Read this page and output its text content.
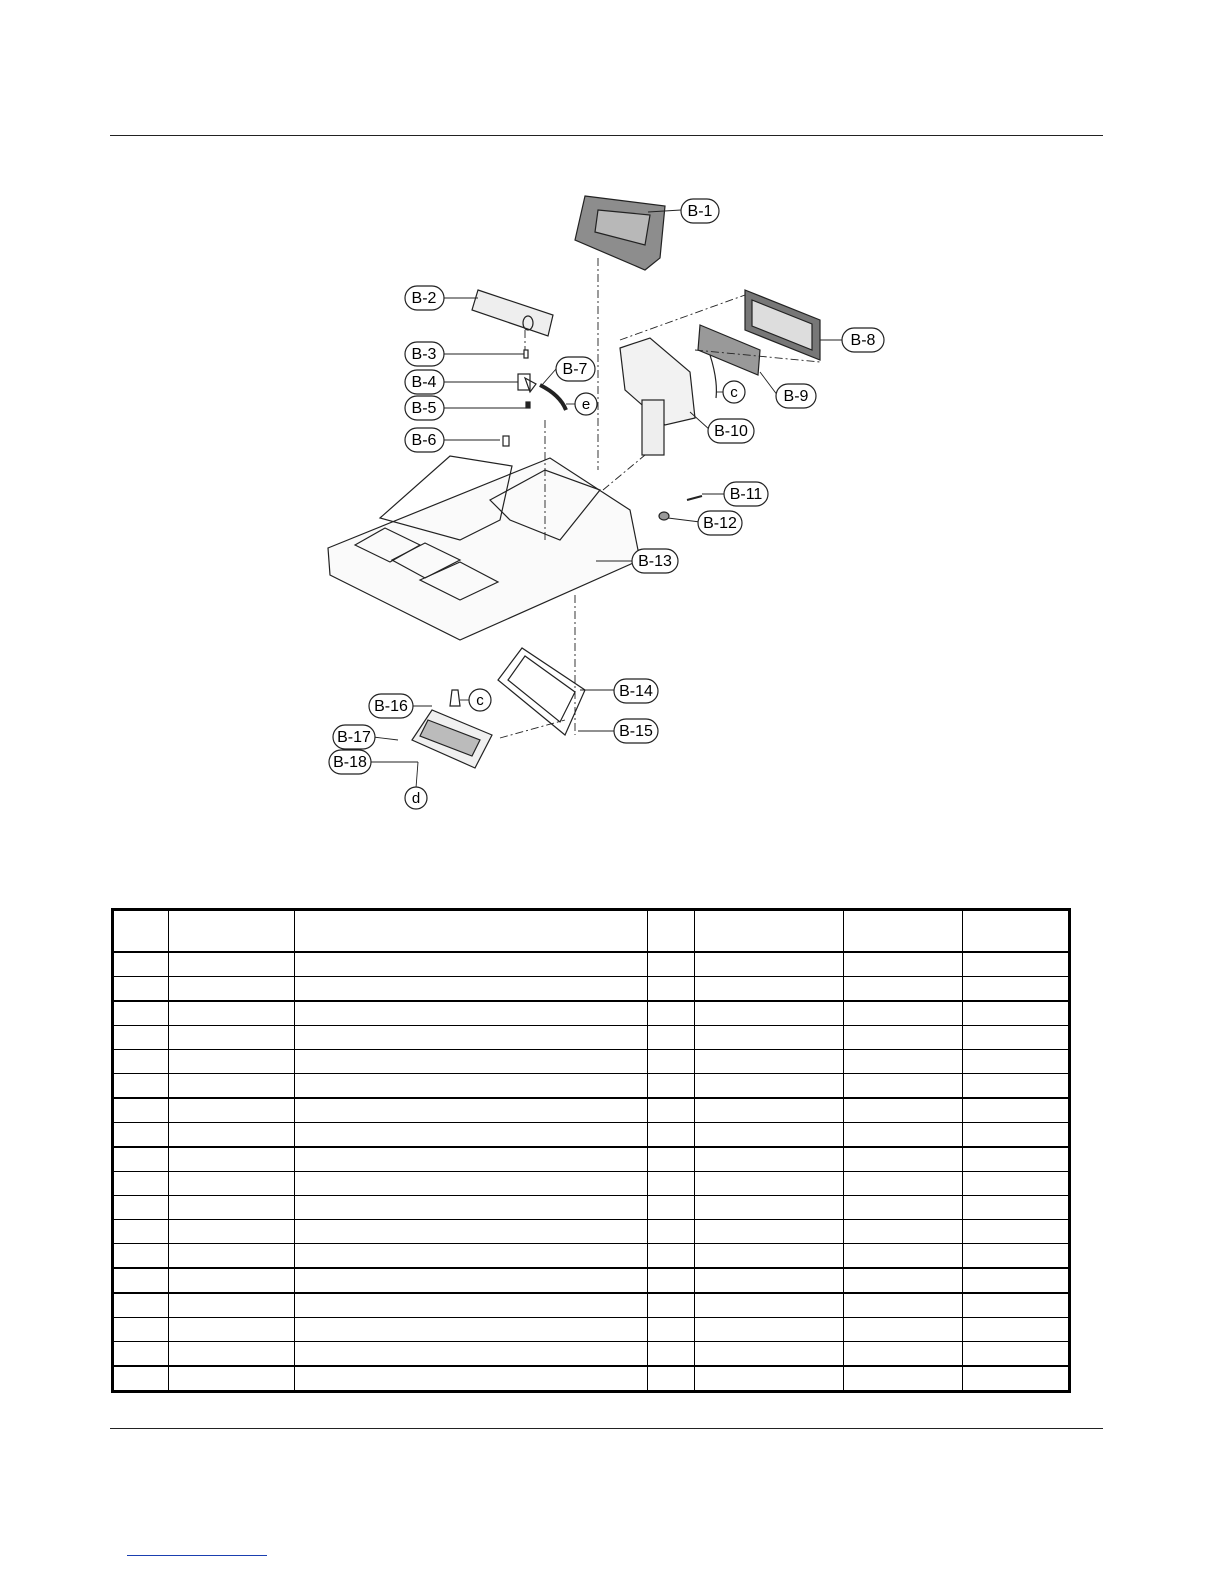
B-1
B-2
B-3
B-4
B-5
B-6
B-7
B-8
B-9
B-10
B-11
B-12
B-13
B-14
B-15
B-16
B-17
B-18
e
c
c
d
